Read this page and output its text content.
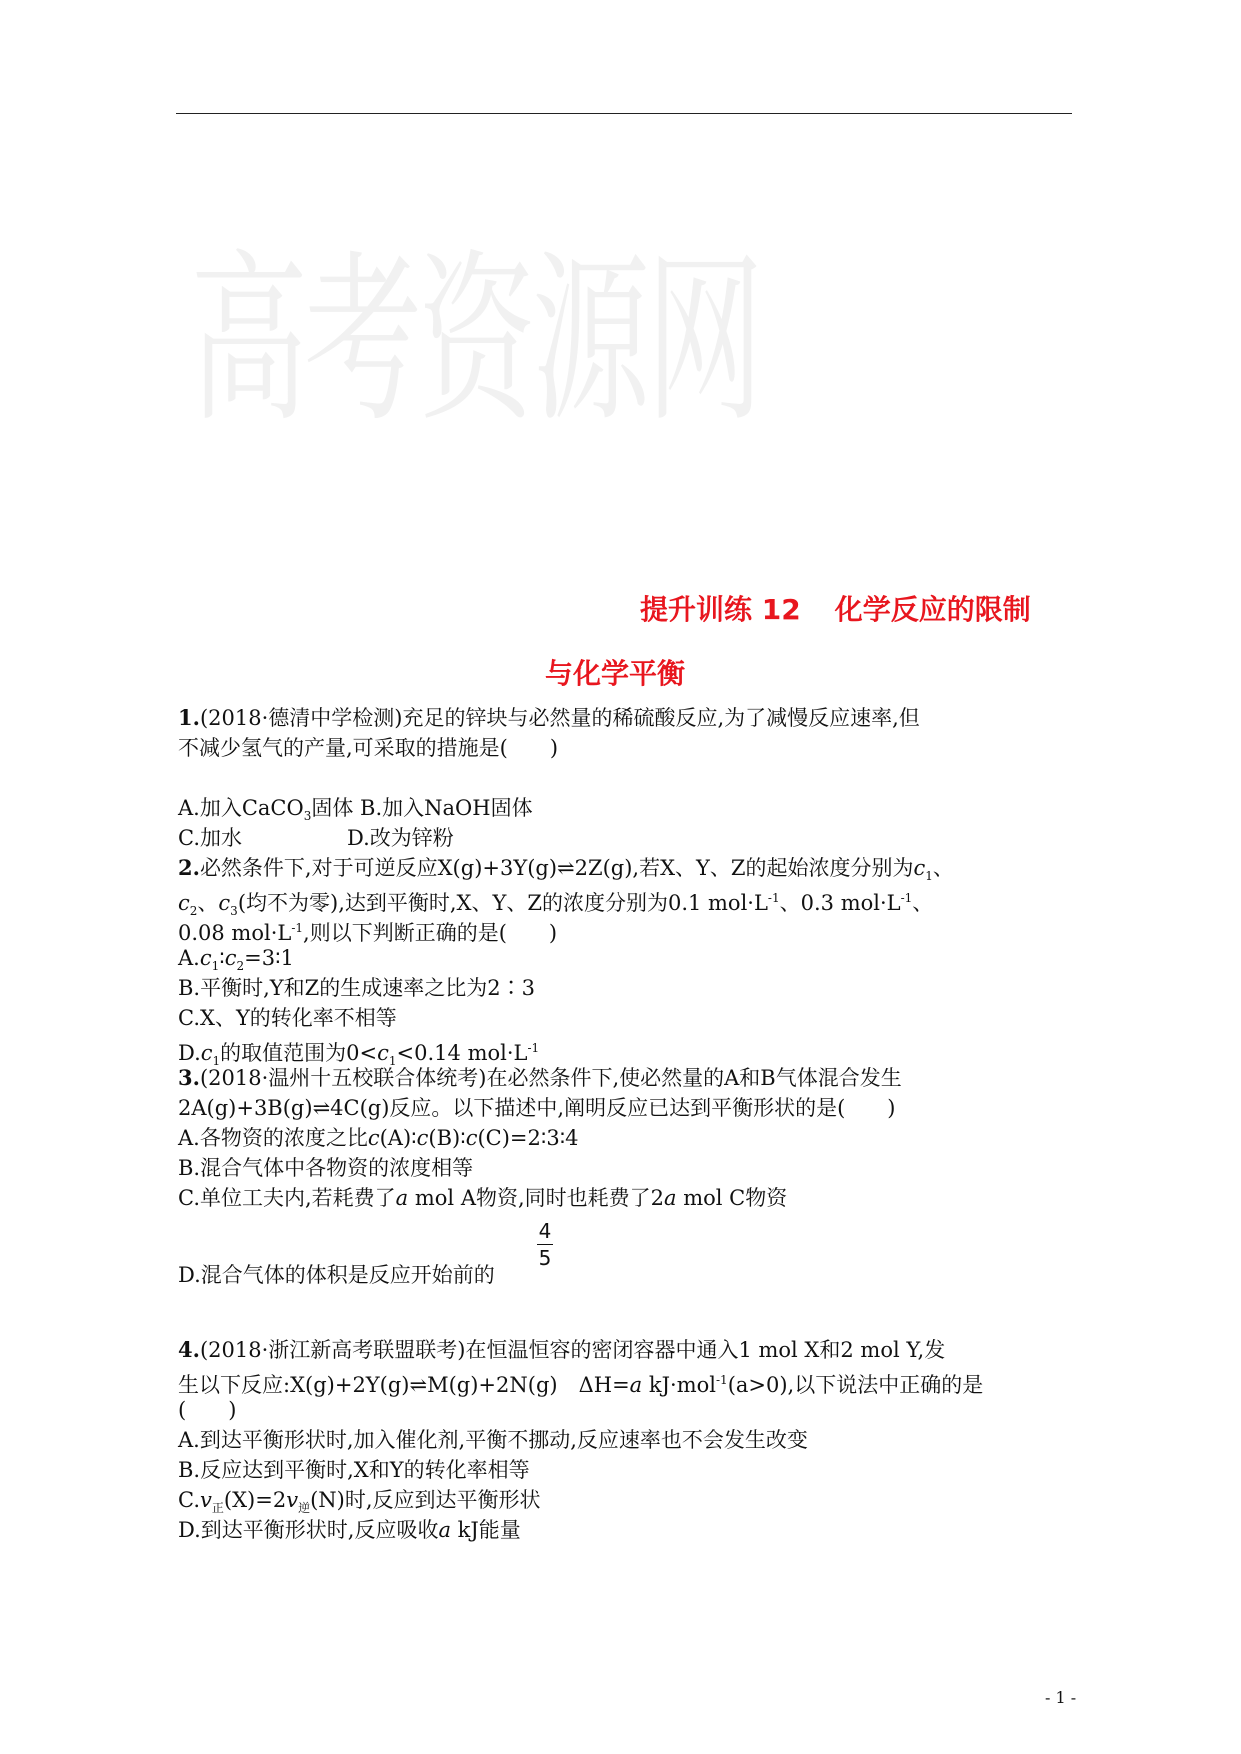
高考资源网
提升训练 12 化学反应的限制
与化学平衡
1.(2018·德清中学检测)充足的锌块与必然量的稀硫酸反应,为了减慢反应速率,但
不减少氢气的产量,可采取的措施是(　　)
A.加入CaCO$_3$固体 B.加入NaOH固体
C.加水　　　　　D.改为锌粉
2.必然条件下,对于可逆反应X(g)+3Y(g)⇌2Z(g),若X、Y、Z的起始浓度分别为$c_1$、
$c_2$、$c_3$(均不为零),达到平衡时,X、Y、Z的浓度分别为0.1 $mol\cdot L^{-1}$、0.3 $mol\cdot L^{-1}$、
0.08 $mol\cdot L^{-1}$,则以下判断正确的是(　　)
$A.c_1∶c_2=3∶1$
B.平衡时,Y和Z的生成速率之比为2∶3
C.X、Y的转化率不相等
$D.c_1$的取值范围为$0<c_1<0.14$ $mol\cdot L^{-1}$
3.(2018·温州十五校联合体统考)在必然条件下,使必然量的A和B气体混合发生
2A(g)+3B(g)⇌4C(g)反应。以下描述中,阐明反应已达到平衡形状的是(　　)
A.各物资的浓度之比c(A)∶c(B)∶c(C)=2∶3∶4
B.混合气体中各物资的浓度相等
C.单位工夫内,若耗费了a mol A物资,同时也耗费了2a mol C物资
D.混合气体的体积是反应开始前的
$\frac{4}{5}$
4.(2018·浙江新高考联盟联考)在恒温恒容的密闭容器中通入1 mol X和2 mol Y,发
生以下反应:X(g)+2Y(g)⇌M(g)+2N(g)　ΔH=a kJ·mol$^{-1}$(a>0),以下说法中正确的是
(　　)
A.到达平衡形状时,加入催化剂,平衡不挪动,反应速率也不会发生改变
B.反应达到平衡时,X和Y的转化率相等
$C.v_正(X)=2v_逆(N)$时,反应到达平衡形状
D.到达平衡形状时,反应吸收a kJ能量
- 1 -
